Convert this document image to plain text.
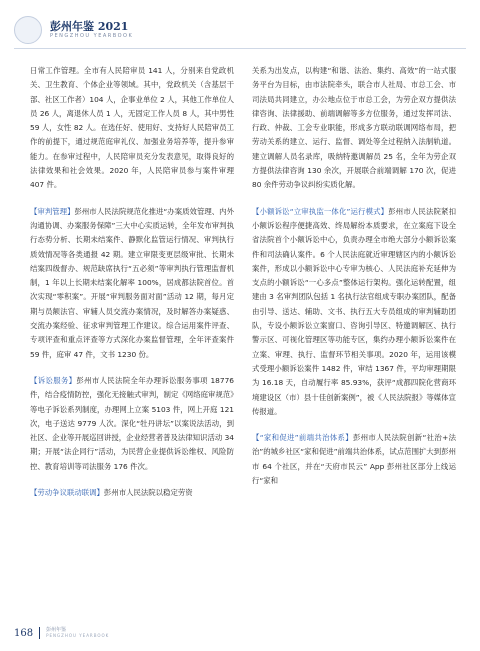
彭州年鉴 2021
PENGZHOU YEARBOOK

日常工作管理。全市有人民陪审员 141 人，分别来自党政机关、卫生教育、个体企业等领域。其中，党政机关（含基层干部、社区工作者）104 人，企事业单位 2 人，其他工作单位人员 26 人，离退休人员 1 人，无固定工作人员 8 人，其中男性 59 人，女性 82 人。在选任好、使用好、支持好人民陪审员工作的前提下，通过规范庭审礼仪、加强业务培养等，提升参审能力。在参审过程中，人民陪审员充分发表意见，取得良好的法律效果和社会效果。2020 年，人民陪审员参与案件审理 407 件。

【审判管理】彭州市人民法院规范化推进“办案质效管理、内外沟通协调、办案服务保障”三大中心实质运转，全年发布审判执行态势分析、长期未结案件、静默化监管运行情况、审判执行质效情况等各类通报 42 期。建立审限变更层级审批、长期未结案四级督办、规范缺席执行“五必须”等审判执行管理监督机制，1 年以上长期未结案化解率 100%，居成都法院首位。首次实现“零积案”。开展“审判服务面对面”活动 12 期，每月定期与员额法官、审辅人员交流办案情况，及时解答办案疑惑、交流办案经验、征求审判管理工作建议。综合运用案件评查、专项评查和重点评查等方式深化办案监督管理，全年评查案件 59 件，庭审 47 件，文书 1230 份。

【诉讼服务】彭州市人民法院全年办理诉讼服务事项 18776 件，结合疫情防控，强化无接触式审判，制定《网络庭审规范》等电子诉讼系列制度，办理网上立案 5103 件，网上开庭 121 次，电子送达 9779 人次。深化“牡丹讲坛”以案说法活动，到社区、企业等开展巡回讲授，企业经营者普及法律知识活动 34 期；开展“法企同行”活动，为民营企业提供诉讼维权、风险防控、教育培训等司法服务 176 件次。

【劳动争议联动联调】彭州市人民法院以稳定劳资

关系为出发点，以构建“和谐、法治、集约、高效”的一站式服务平台为目标，由市法院牵头，联合市人社局、市总工会、市司法局共同建立，办公地点位于市总工会，为劳企双方提供法律咨询、法律援助、前端调解等多方位服务，通过发挥司法、行政、仲裁、工会专业职能，形成多方联动联调网络布局，把劳动关系的建立、运行、监督、调处等全过程纳入法制轨道。建立调解人员名录库，吸纳特邀调解员 25 名，全年为劳企双方提供法律咨询 130 余次，开展联合前端调解 170 次，促进 80 余件劳动争议纠纷实质化解。

【小额诉讼“立审执监一体化”运行模式】彭州市人民法院紧扣小额诉讼程序便捷高效、终局解纷本质要求，在立案庭下设全省法院首个小额诉讼中心，负责办理全市绝大部分小额诉讼案件和司法确认案件。6 个人民法庭就近审理辖区内的小额诉讼案件，形成以小额诉讼中心专审为核心、人民法庭补充延伸为支点的小额诉讼“一心多点”整体运行架构。强化运转配置，组建由 3 名审判团队包括 1 名执行法官组成专职办案团队，配备由引导、送达、辅助、文书、执行五大专员组成的审判辅助团队，专设小额诉讼立案窗口、咨询引导区、特邀调解区、执行警示区、可视化管理区等功能专区，集约办理小额诉讼案件在立案、审理、执行、监督环节相关事项。2020 年，运用该模式受理小额诉讼案件 1482 件，审结 1367 件，平均审理期限为 16.18 天，自动履行率 85.93%，获评“成都四院化营商环境建设区（市）县十佳创新案例”，被《人民法院报》等媒体宣传报道。

【“家和促进”前端共治体系】彭州市人民法院创新“社治+法治”的城乡社区“家和促进”前端共治体系，试点范围扩大到彭州市 64 个社区，并在“天府市民云” App 彭州社区部分上线运行“家和

168	彭州年鉴
PENGZHOU YEARBOOK
